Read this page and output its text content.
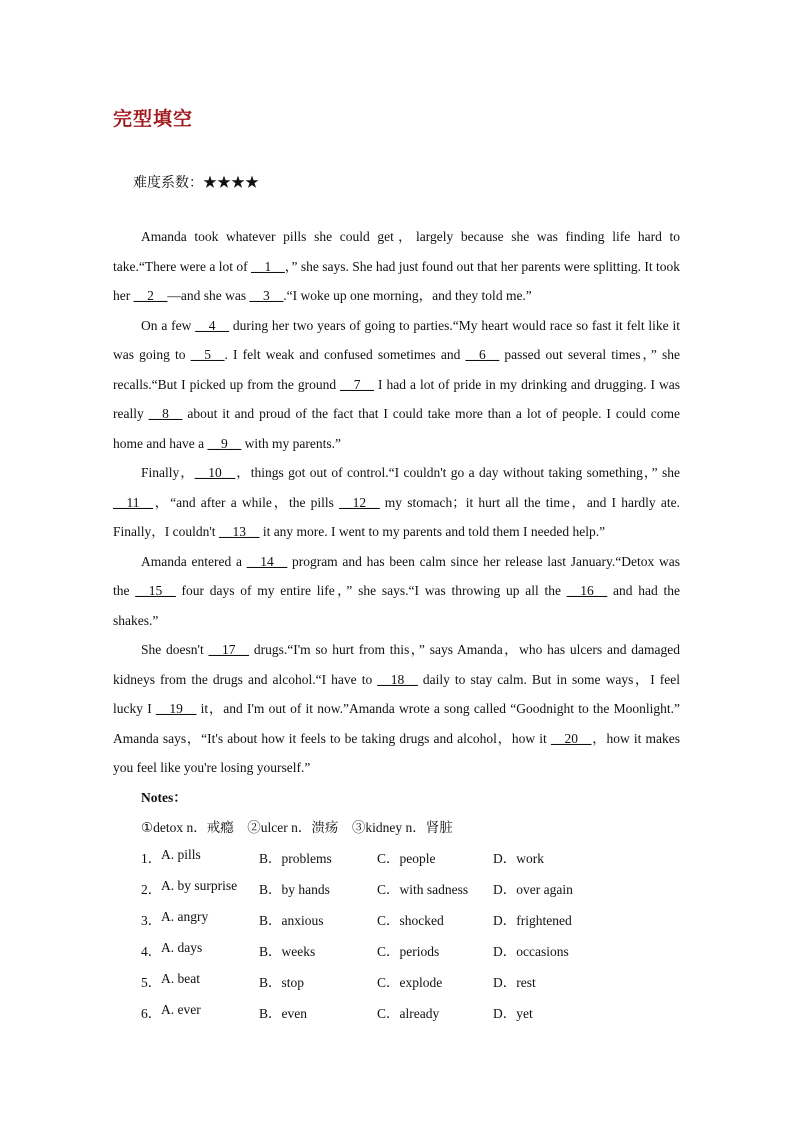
完型填空
难度系数：★★★★

Amanda took whatever pills she could get，largely because she was finding life hard to take.“There were a lot of __1__，” she says. She had just found out that her parents were splitting. It took her __2__—and she was __3__.“I woke up one morning，and they told me.”

On a few __4__ during her two years of going to parties.“My heart would race so fast it felt like it was going to __5__. I felt weak and confused sometimes and __6__ passed out several times，” she recalls.“But I picked up from the ground __7__ I had a lot of pride in my drinking and drugging. I was really __8__ about it and proud of the fact that I could take more than a lot of people. I could come home and have a __9__ with my parents.”

Finally，__10__，things got out of control.“I couldn't go a day without taking something，” she __11__，“and after a while，the pills __12__ my stomach；it hurt all the time，and I hardly ate. Finally，I couldn't __13__ it any more. I went to my parents and told them I needed help.”

Amanda entered a __14__ program and has been calm since her release last January.“Detox was the __15__ four days of my entire life，” she says.“I was throwing up all the __16__ and had the shakes.”

She doesn't __17__ drugs.“I'm so hurt from this，” says Amanda，who has ulcers and damaged kidneys from the drugs and alcohol.“I have to __18__ daily to stay calm. But in some ways，I feel lucky I __19__ it，and I'm out of it now.”Amanda wrote a song called “Goodnight to the Moonlight.” Amanda says，“It's about how it feels to be taking drugs and alcohol，how it __20__，how it makes you feel like you're losing yourself.”

Notes：
①detox n．戒瘾　②ulcer n．溃疡　③kidney n．肾脏
1． A. pills	B．problems	C．people	D．work
2． A. by surprise B．by hands	C．with sadness D．over again
3． A. angry	B．anxious	C．shocked	D．frightened
4． A. days	B．weeks	C．periods	D．occasions
5． A. beat	B．stop	C．explode	D．rest
6． A. ever	B．even	C．already	D．yet
